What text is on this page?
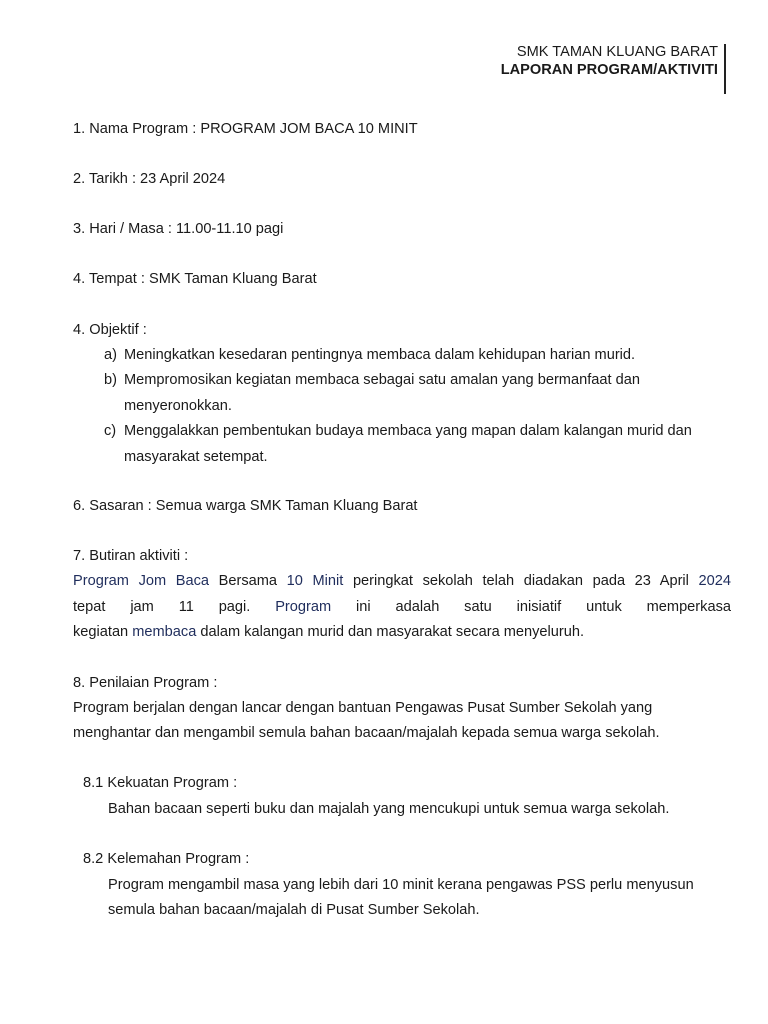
SMK TAMAN KLUANG BARAT
LAPORAN PROGRAM/AKTIVITI
1. Nama Program : PROGRAM JOM BACA 10 MINIT
2. Tarikh : 23 April 2024
3. Hari / Masa : 11.00-11.10 pagi
4. Tempat : SMK Taman Kluang Barat
4. Objektif :
a) Meningkatkan kesedaran pentingnya membaca dalam kehidupan harian murid.
b) Mempromosikan kegiatan membaca sebagai satu amalan yang bermanfaat dan
menyeronokkan.
c) Menggalakkan pembentukan budaya membaca yang mapan dalam kalangan murid dan
masyarakat setempat.
6. Sasaran : Semua warga SMK Taman Kluang Barat
7. Butiran aktiviti :
Program Jom Baca Bersama 10 Minit peringkat sekolah telah diadakan pada 23 April 2024
tepat jam 11 pagi. Program ini adalah satu inisiatif untuk memperkasa
kegiatan membaca dalam kalangan murid dan masyarakat secara menyeluruh.
8. Penilaian Program :
Program berjalan dengan lancar dengan bantuan Pengawas Pusat Sumber Sekolah yang
menghantar dan mengambil semula bahan bacaan/majalah kepada semua warga sekolah.
8.1 Kekuatan Program :
Bahan bacaan seperti buku dan majalah yang mencukupi untuk semua warga sekolah.
8.2 Kelemahan Program :
Program mengambil masa yang lebih dari 10 minit kerana pengawas PSS perlu menyusun
semula bahan bacaan/majalah di Pusat Sumber Sekolah.
